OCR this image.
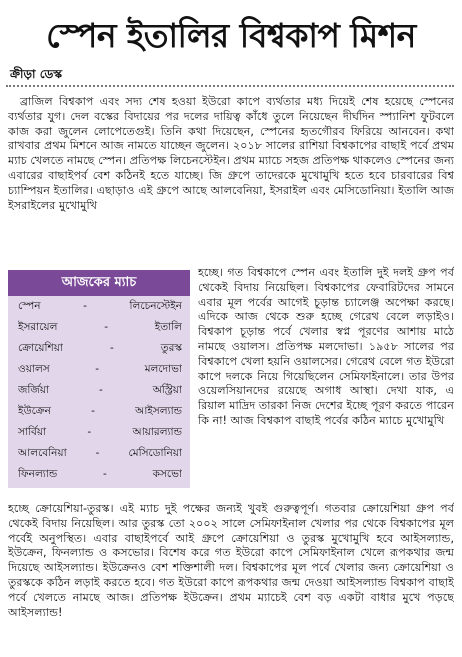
স্পেন ইতালির বিশ্বকাপ মিশন
ক্রীড়া ডেস্ক
ব্রাজিল বিশ্বকাপ এবং সদ্য শেষ হওয়া ইউরো কাপে ব্যর্থতার মধ্য দিয়েই শেষ হয়েছে স্পেনের ব্যর্থতার যুগ। দেল বস্কের বিদায়ের পর দলের দায়িত্ব কাঁধে তুলে নিয়েছেন দীর্ঘদিন স্প্যানিশ ফুটবলে কাজ করা জুলেন লোপেতেগুই। তিনি কথা দিয়েছেন, স্পেনের হৃতগৌরব ফিরিয়ে আনবেন। কথা রাখবার প্রথম মিশনে আজ নামতে যাচ্ছেন জুলেন। ২০১৮ সালের রাশিয়া বিশ্বকাপের বাছাই পর্বে প্রথম ম্যাচ খেলতে নামছে স্পেন। প্রতিপক্ষ লিচেনস্টেইন। প্রথম ম্যাচে সহজ প্রতিপক্ষ থাকলেও স্পেনের জন্য এবারের বাছাইপর্ব বেশ কঠিনই হতে যাচ্ছে। জি গ্রুপে তাদেরকে মুখোমুখি হতে হবে চারবারের বিশ্ব চ্যাম্পিয়ন ইতালির। এছাড়াও এই গ্রুপে আছে আলবেনিয়া, ইসরাইল এবং মেসিডোনিয়া। ইতালি আজ ইসরাইলের মুখোমুখি
আজকের ম্যাচ
স্পেন	-	লিচেনস্টেইন
ইসরায়েল	-	ইতালি
ক্রোয়েশিয়া	-	তুরস্ক
ওয়ালস	-	মলদোভা
জর্জিয়া	-	অস্ট্রিয়া
ইউক্রেন	-	আইসল্যান্ড
সার্বিয়া	-	আয়ারল্যান্ড
আলবেনিয়া	-	মেসিডোনিয়া
ফিনল্যান্ড	-	কসভো
হচ্ছে। গত বিশ্বকাপে স্পেন এবং ইতালি দুই দলই গ্রুপ পর্ব থেকেই বিদায় নিয়েছিল। বিশ্বকাপের ফেবারিটদের সামনে এবার মূল পর্বের আগেই চূড়ান্ত চ্যালেঞ্জ অপেক্ষা করছে। এদিকে আজ থেকে শুরু হচ্ছে গেরেথ বেলে লড়াইও। বিশ্বকাপ চূড়ান্ত পর্বে খেলার স্বপ্ন পূরণের আশায় মাঠে নামছে ওয়ালস। প্রতিপক্ষ মলদোভা। ১৯৫৮ সালের পর বিশ্বকাপে খেলা হয়নি ওয়ালসের। গেরেথ বেলে গত ইউরো কাপে দলকে নিয়ে গিয়েছিলেন সেমিফাইনালে। তার উপর ওয়েলসিয়ানদের রয়েছে অগাধ আস্থা। দেখা যাক, এ রিয়াল মাদ্রিদ তারকা নিজ দেশের ইচ্ছে পূরণ করতে পারেন কি না! আজ বিশ্বকাপ বাছাই পর্বের কঠিন ম্যাচে মুখোমুখি
হচ্ছে ক্রোয়েশিয়া-তুরস্ক। এই ম্যাচ দুই পক্ষের জন্যই খুবই গুরুত্বপূর্ণ। গতবার ক্রোয়েশিয়া গ্রুপ পর্ব থেকেই বিদায় নিয়েছিল। আর তুরস্ক তো ২০০২ সালে সেমিফাইনাল খেলার পর থেকে বিশ্বকাপের মূল পর্বেই অনুপস্থিত। এবার বাছাইপর্বে আই গ্রুপে ক্রোয়েশিয়া ও তুরস্ক মুখোমুখি হবে আইসল্যান্ড, ইউক্রেন, ফিনল্যান্ড ও কসভোর। বিশেষ করে গত ইউরো কাপে সেমিফাইনাল খেলে রূপকথার জন্ম দিয়েছে আইসল্যান্ড। ইউক্রেনও বেশ শক্তিশালী দল। বিশ্বকাপের মূল পর্বে খেলার জন্য ক্রোয়েশিয়া ও তুরস্ককে কঠিন লড়াই করতে হবে। গত ইউরো কাপে রূপকথার জন্ম দেওয়া আইসল্যান্ড বিশ্বকাপ বাছাই পর্বে খেলতে নামছে আজ। প্রতিপক্ষ ইউক্রেন। প্রথম ম্যাচেই বেশ বড় একটা বাধার মুখে পড়ছে আইসল্যান্ড!
